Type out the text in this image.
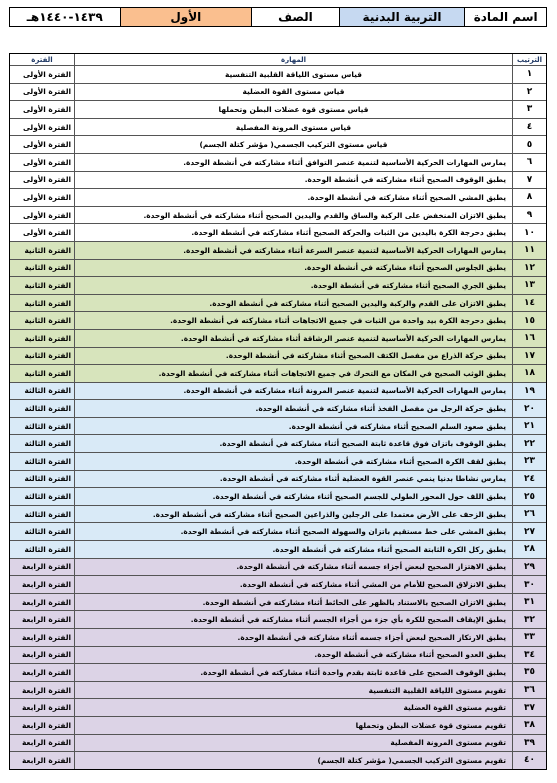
اسم المادة
التربية البدنية
الصف
الأول
١٤٣٩-١٤٤٠هـ
الترتيب
المهارة
الفترة
١
قياس مستوى اللياقة القلبية التنفسية
الفترة الأولى
٢
قياس مستوى القوة العضلية
الفترة الأولى
٣
قياس مستوى قوة عضلات البطن وتحملها
الفترة الأولى
٤
قياس مستوى المرونة المفصلية
الفترة الأولى
٥
قياس مستوى التركيب الجسمي( مؤشر كتلة الجسم)
الفترة الأولى
٦
يمارس المهارات الحركية الأساسية لتنمية عنصر التوافق أثناء مشاركته في أنشطة الوحدة.
الفترة الأولى
٧
يطبق الوقوف الصحيح أثناء مشاركته في أنشطة الوحدة.
الفترة الأولى
٨
يطبق المشي الصحيح أثناء مشاركته في أنشطة الوحدة.
الفترة الأولى
٩
يطبق الاتزان المنخفض على الركبة والساق والقدم واليدين الصحيح أثناء مشاركته في أنشطة الوحدة.
الفترة الأولى
١٠
يطبق دحرجة الكرة باليدين من الثبات والحركة الصحيح أثناء مشاركته في أنشطة الوحدة.
الفترة الأولى
١١
يمارس المهارات الحركية الأساسية لتنمية عنصر السرعة أثناء مشاركته في أنشطة الوحدة.
الفترة الثانية
١٢
يطبق الجلوس الصحيح أثناء مشاركته في أنشطة الوحدة.
الفترة الثانية
١٣
يطبق الجري الصحيح أثناء مشاركته في أنشطة الوحدة.
الفترة الثانية
١٤
يطبق الاتزان على القدم والركبة واليدين الصحيح أثناء مشاركته في أنشطة الوحدة.
الفترة الثانية
١٥
يطبق دحرجة الكرة بيد واحدة من الثبات في جميع الاتجاهات أثناء مشاركته في أنشطة الوحدة.
الفترة الثانية
١٦
يمارس المهارات الحركية الأساسية لتنمية عنصر الرشاقة أثناء مشاركته في أنشطة الوحدة.
الفترة الثانية
١٧
يطبق حركة الذراع من مفصل الكتف الصحيح أثناء مشاركته في أنشطة الوحدة.
الفترة الثانية
١٨
يطبق الوثب الصحيح في المكان مع التحرك في جميع الاتجاهات أثناء مشاركته في أنشطة الوحدة.
الفترة الثانية
١٩
يمارس المهارات الحركية الأساسية لتنمية عنصر المرونة أثناء مشاركته في أنشطة الوحدة.
الفترة الثالثة
٢٠
يطبق حركة الرجل من مفصل الفخذ أثناء مشاركته في أنشطة الوحدة.
الفترة الثالثة
٢١
يطبق صعود السلم الصحيح أثناء مشاركته في أنشطة الوحدة.
الفترة الثالثة
٢٢
يطبق الوقوف باتزان فوق قاعدة ثابتة الصحيح أثناء مشاركته في أنشطة الوحدة.
الفترة الثالثة
٢٣
يطبق لقف الكرة الصحيح أثناء مشاركته في أنشطة الوحدة.
الفترة الثالثة
٢٤
يمارس نشاطا بدنيا ينمي عنصر القوة العضلية أثناء مشاركته في أنشطة الوحدة.
الفترة الثالثة
٢٥
يطبق اللف حول المحور الطولي للجسم الصحيح أثناء مشاركته في أنشطة الوحدة.
الفترة الثالثة
٢٦
يطبق الزحف على الأرض معتمدا على الرجلين والذراعين الصحيح أثناء مشاركته في أنشطة الوحدة.
الفترة الثالثة
٢٧
يطبق المشي على خط مستقيم باتزان والسهولة الصحيح أثناء مشاركته في أنشطة الوحدة.
الفترة الثالثة
٢٨
يطبق ركل الكرة الثابتة الصحيح أثناء مشاركته في أنشطة الوحدة.
الفترة الثالثة
٢٩
يطبق الاهتزاز الصحيح لبعض أجزاء جسمه أثناء مشاركته في أنشطة الوحدة.
الفترة الرابعة
٣٠
يطبق الانزلاق الصحيح للأمام من المشي أثناء مشاركته في أنشطة الوحدة.
الفترة الرابعة
٣١
يطبق الاتزان الصحيح بالاستناد بالظهر على الحائط أثناء مشاركته في أنشطة الوحدة.
الفترة الرابعة
٣٢
يطبق الإيقاف الصحيح للكرة بأي جزء من أجزاء الجسم أثناء مشاركته في أنشطة الوحدة.
الفترة الرابعة
٣٣
يطبق الارتكاز الصحيح لبعض أجزاء جسمه أثناء مشاركته في أنشطة الوحدة.
الفترة الرابعة
٣٤
يطبق العدو الصحيح أثناء مشاركته في أنشطة الوحدة.
الفترة الرابعة
٣٥
يطبق الوقوف الصحيح على قاعدة ثابتة بقدم واحدة أثناء مشاركته في أنشطة الوحدة.
الفترة الرابعة
٣٦
تقويم مستوى اللياقة القلبية التنفسية
الفترة الرابعة
٣٧
تقويم مستوى القوة العضلية
الفترة الرابعة
٣٨
تقويم مستوى قوة عضلات البطن وتحملها
الفترة الرابعة
٣٩
تقويم مستوى المرونة المفصلية
الفترة الرابعة
٤٠
تقويم مستوى التركيب الجسمي( مؤشر كتلة الجسم)
الفترة الرابعة
